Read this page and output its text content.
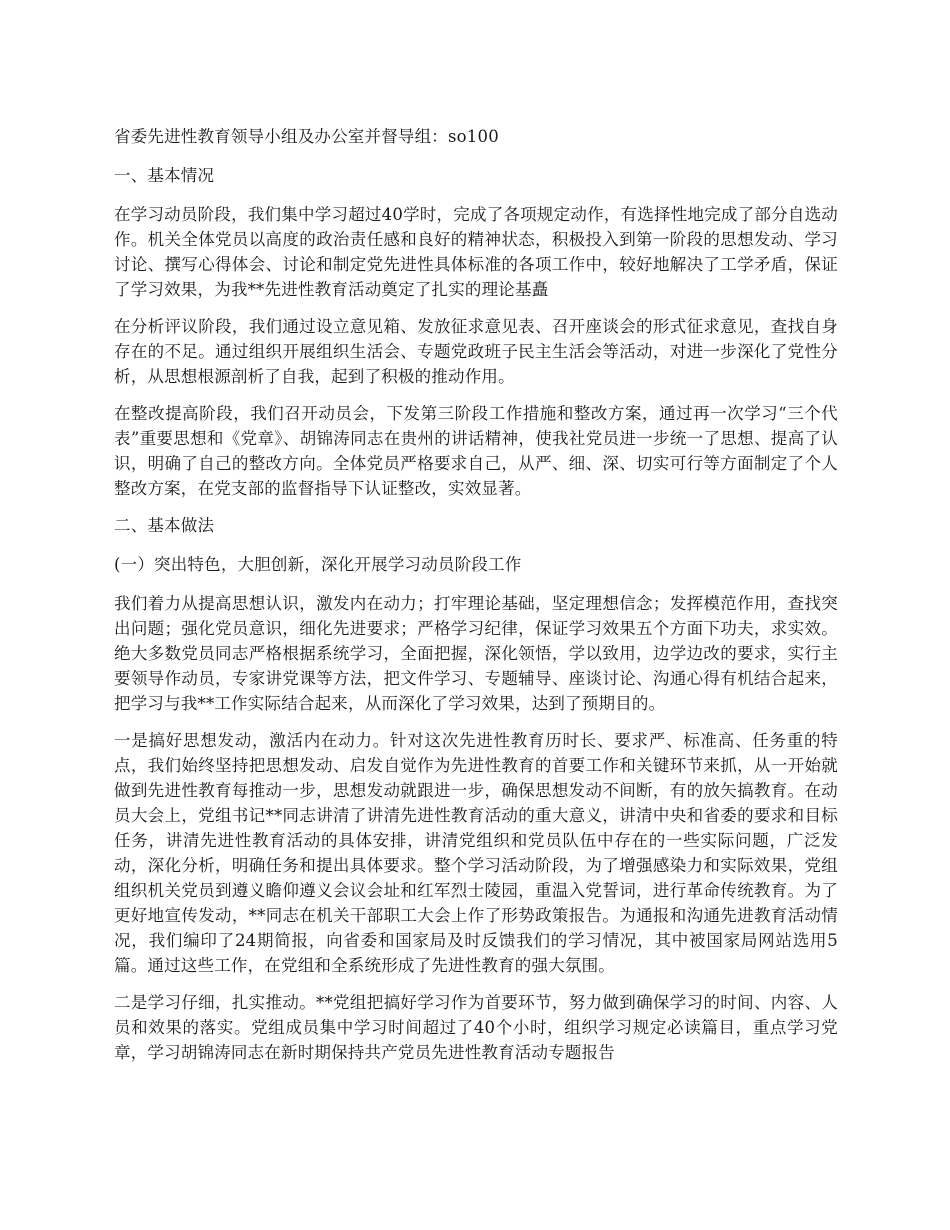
省委先进性教育领导小组及办公室并督导组：so100

一、基本情况

在学习动员阶段，我们集中学习超过40学时，完成了各项规定动作，有选择性地完成了部分自选动作。机关全体党员以高度的政治责任感和良好的精神状态，积极投入到第一阶段的思想发动、学习讨论、撰写心得体会、讨论和制定党先进性具体标准的各项工作中，较好地解决了工学矛盾，保证了学习效果，为我**先进性教育活动奠定了扎实的理论基矗

在分析评议阶段，我们通过设立意见箱、发放征求意见表、召开座谈会的形式征求意见，查找自身存在的不足。通过组织开展组织生活会、专题党政班子民主生活会等活动，对进一步深化了党性分析，从思想根源剖析了自我，起到了积极的推动作用。

在整改提高阶段，我们召开动员会，下发第三阶段工作措施和整改方案，通过再一次学习“三个代表”重要思想和《党章》、胡锦涛同志在贵州的讲话精神，使我社党员进一步统一了思想、提高了认识，明确了自己的整改方向。全体党员严格要求自己，从严、细、深、切实可行等方面制定了个人整改方案，在党支部的监督指导下认证整改，实效显著。

二、基本做法

(一）突出特色，大胆创新，深化开展学习动员阶段工作

我们着力从提高思想认识，激发内在动力；打牢理论基础，坚定理想信念；发挥模范作用，查找突出问题；强化党员意识，细化先进要求；严格学习纪律，保证学习效果五个方面下功夫，求实效。绝大多数党员同志严格根据系统学习，全面把握，深化领悟，学以致用，边学边改的要求，实行主要领导作动员，专家讲党课等方法，把文件学习、专题辅导、座谈讨论、沟通心得有机结合起来，把学习与我**工作实际结合起来，从而深化了学习效果，达到了预期目的。

一是搞好思想发动，激活内在动力。针对这次先进性教育历时长、要求严、标准高、任务重的特点，我们始终坚持把思想发动、启发自觉作为先进性教育的首要工作和关键环节来抓，从一开始就做到先进性教育每推动一步，思想发动就跟进一步，确保思想发动不间断，有的放矢搞教育。在动员大会上，党组书记**同志讲清了讲清先进性教育活动的重大意义，讲清中央和省委的要求和目标任务，讲清先进性教育活动的具体安排，讲清党组织和党员队伍中存在的一些实际问题，广泛发动，深化分析，明确任务和提出具体要求。整个学习活动阶段，为了增强感染力和实际效果，党组组织机关党员到遵义瞻仰遵义会议会址和红军烈士陵园，重温入党誓词，进行革命传统教育。为了更好地宣传发动，**同志在机关干部职工大会上作了形势政策报告。为通报和沟通先进教育活动情况，我们编印了24期简报，向省委和国家局及时反馈我们的学习情况，其中被国家局网站选用5篇。通过这些工作，在党组和全系统形成了先进性教育的强大氛围。

二是学习仔细，扎实推动。**党组把搞好学习作为首要环节，努力做到确保学习的时间、内容、人员和效果的落实。党组成员集中学习时间超过了40个小时，组织学习规定必读篇目，重点学习党章，学习胡锦涛同志在新时期保持共产党员先进性教育活动专题报告
